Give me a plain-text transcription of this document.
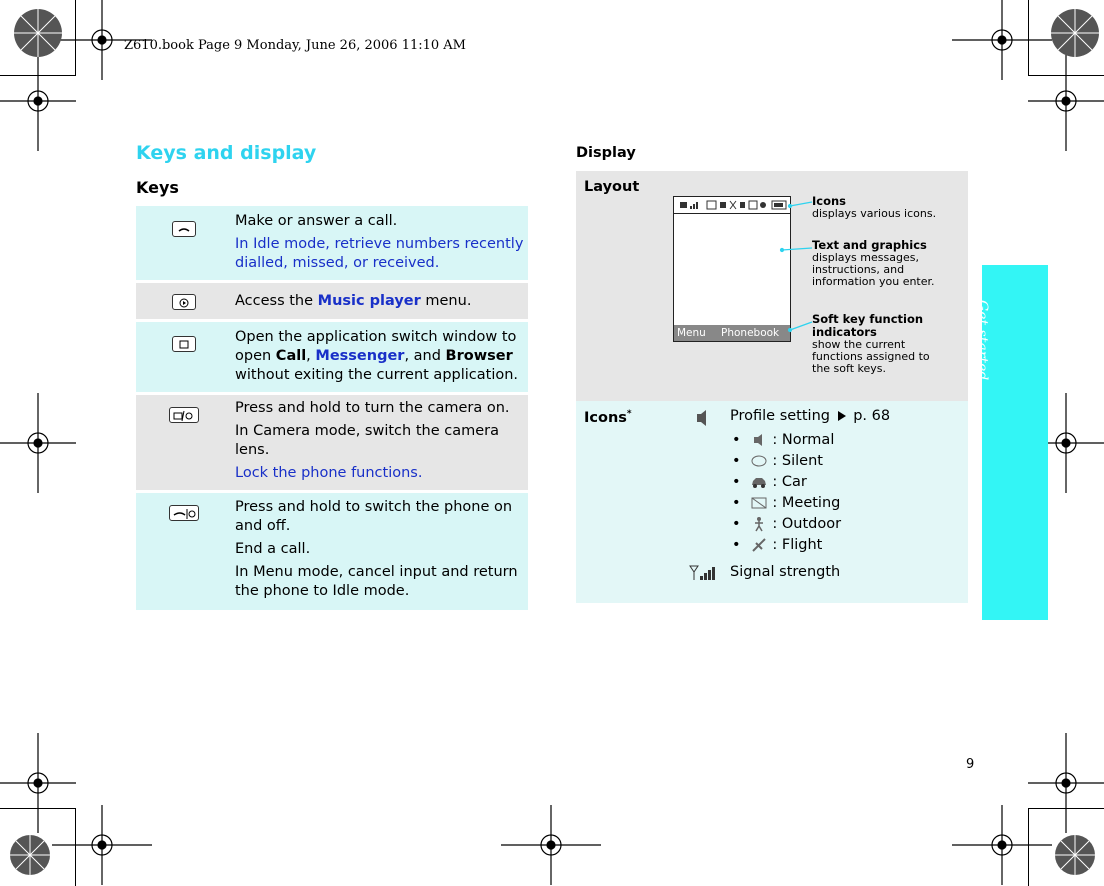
Z610.book Page 9 Monday, June 26, 2006 11:10 AM
Get started
Keys and display
Keys
Display

Make or answer a call.

In Idle mode, retrieve numbers recently dialled, missed, or received.

Access the Music player menu.
Open the application switch window to open Call, Messenger, and Browser without exiting the current application.

Press and hold to turn the camera on.

In Camera mode, switch the camera lens.

Lock the phone functions.

Press and hold to switch the phone on and off.

End a call.

In Menu mode, cancel input and return the phone to Idle mode.

Layout
Icons*
Menu Phonebook
Icons
displays various icons.
Text and graphics
displays messages,
instructions, and
information you enter.
Soft key function
indicators
show the current
functions assigned to
the soft keys.
Profile setting p. 68
•   : Normal
•   : Silent
•   : Car
•   : Meeting
•   : Outdoor
•   : Flight
Signal strength
9
